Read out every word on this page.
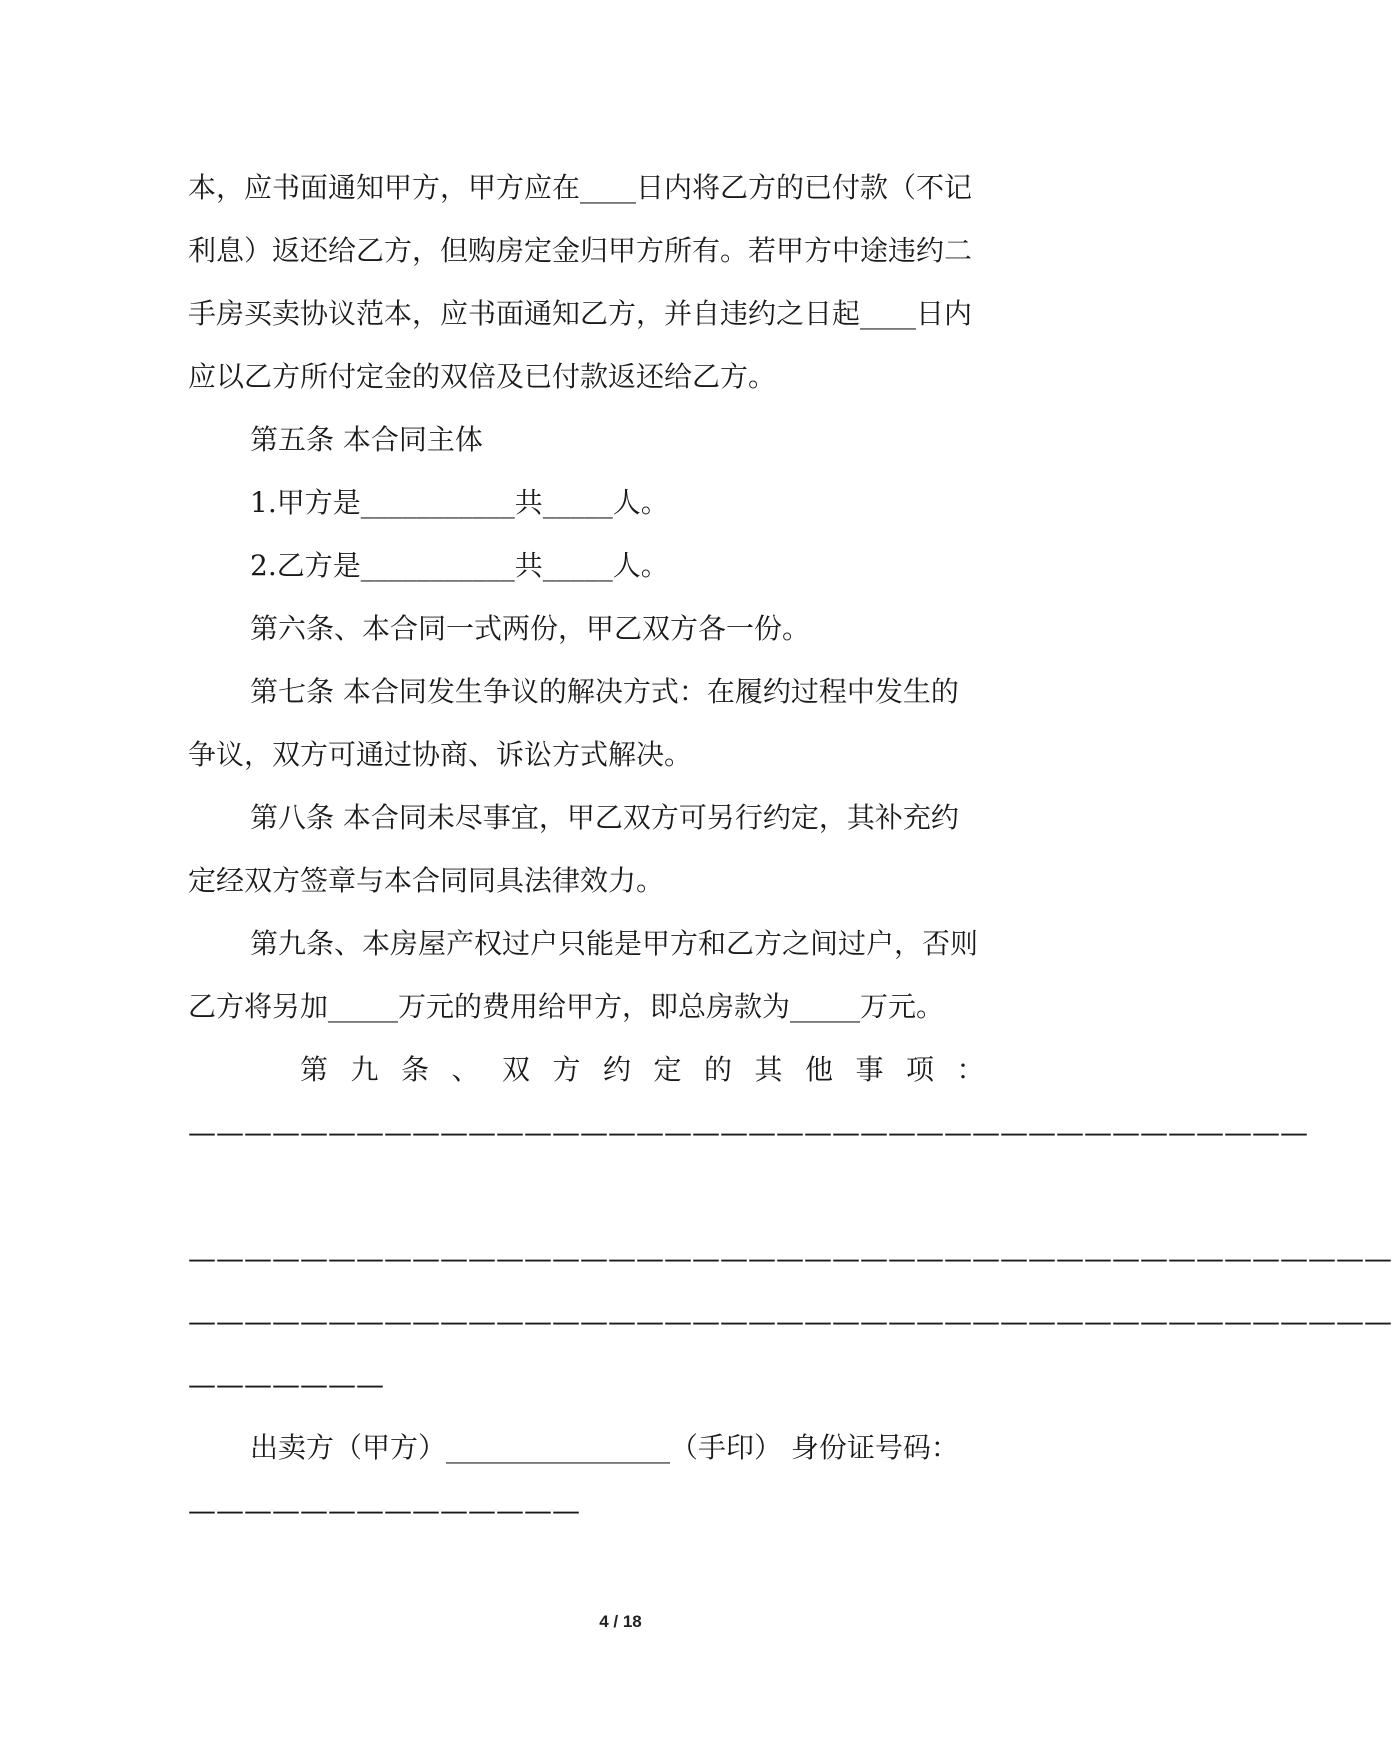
本，应书面通知甲方，甲方应在____日内将乙方的已付款（不记
利息）返还给乙方，但购房定金归甲方所有。若甲方中途违约二
手房买卖协议范本，应书面通知乙方，并自违约之日起____日内
应以乙方所付定金的双倍及已付款返还给乙方。
第五条 本合同主体
1.甲方是___________共_____人。
2.乙方是___________共_____人。
第六条、本合同一式两份，甲乙双方各一份。
第七条 本合同发生争议的解决方式：在履约过程中发生的
争议，双方可通过协商、诉讼方式解决。
第八条 本合同未尽事宜，甲乙双方可另行约定，其补充约
定经双方签章与本合同同具法律效力。
第九条、本房屋产权过户只能是甲方和乙方之间过户，否则
乙方将另加_____万元的费用给甲方，即总房款为_____万元。
第九条、双方约定的其他事项：
————————————————————————————————————————
———————————————————————————————————————————
———————————————————————————————————————————
———————
出卖方（甲方）________________（手印） 身份证号码：
——————————————
4 / 18
